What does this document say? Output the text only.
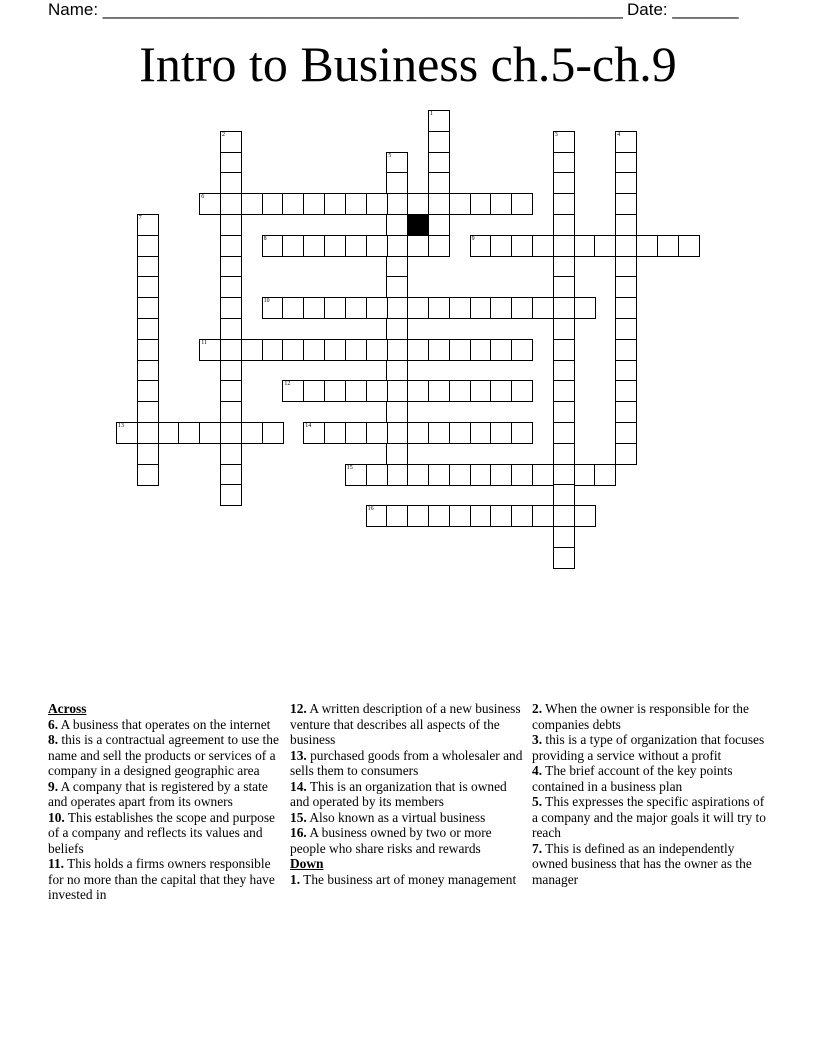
Name: _______________________________________________________ Date: _______
Intro to Business ch.5-ch.9
1
2	3	4
5
6
7
8	9
10
11
12
13	14
15
16
Across
6. A business that operates on the internet
8. this is a contractual agreement to use the name and sell the products or services of a company in a designed geographic area
9. A company that is registered by a state and operates apart from its owners
10. This establishes the scope and purpose of a company and reflects its values and beliefs
11. This holds a firms owners responsible for no more than the capital that they have invested in
12. A written description of a new business venture that describes all aspects of the business
13. purchased goods from a wholesaler and sells them to consumers
14. This is an organization that is owned and operated by its members
15. Also known as a virtual business
16. A business owned by two or more people who share risks and rewards
Down
1. The business art of money management
2. When the owner is responsible for the companies debts
3. this is a type of organization that focuses providing a service without a profit
4. The brief account of the key points contained in a business plan
5. This expresses the specific aspirations of a company and the major goals it will try to reach
7. This is defined as an independently owned business that has the owner as the manager
